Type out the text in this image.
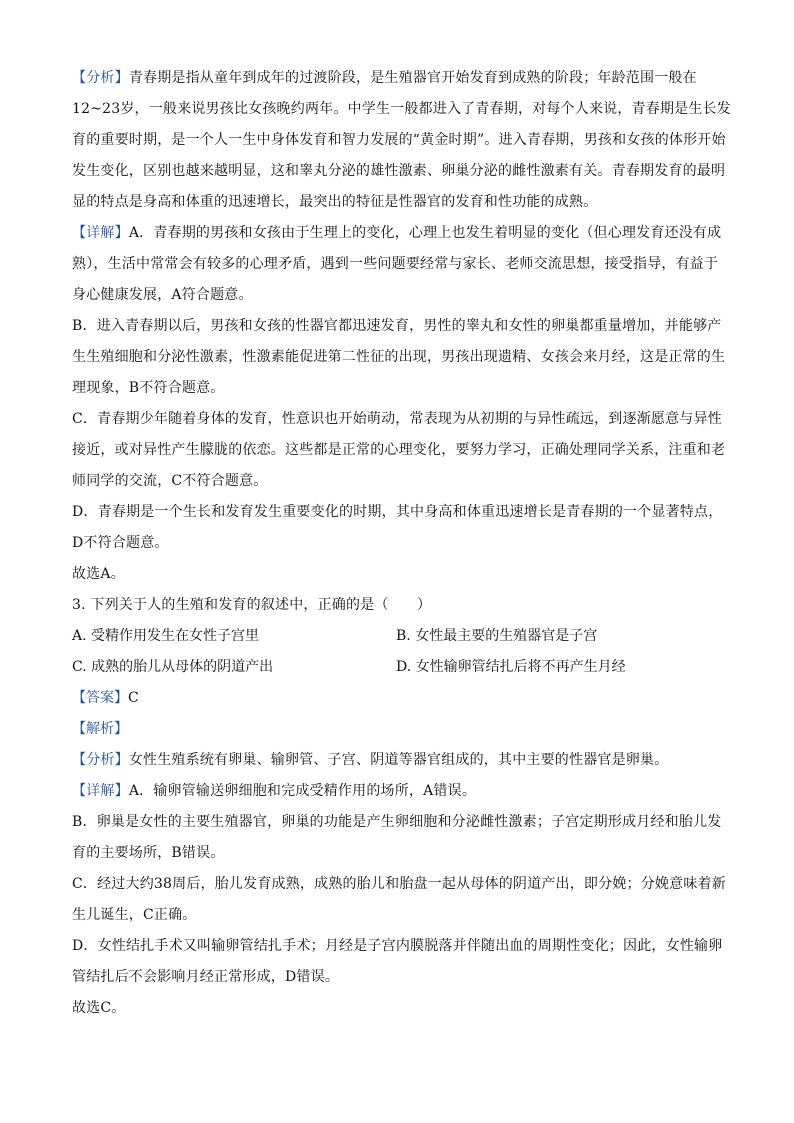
【分析】青春期是指从童年到成年的过渡阶段，是生殖器官开始发育到成熟的阶段；年龄范围一般在
12~23岁，一般来说男孩比女孩晚约两年。中学生一般都进入了青春期，对每个人来说，青春期是生长发
育的重要时期，是一个人一生中身体发育和智力发展的“黄金时期”。进入青春期，男孩和女孩的体形开始
发生变化，区别也越来越明显，这和睾丸分泌的雄性激素、卵巢分泌的雌性激素有关。青春期发育的最明
显的特点是身高和体重的迅速增长，最突出的特征是性器官的发育和性功能的成熟。
【详解】A．青春期的男孩和女孩由于生理上的变化，心理上也发生着明显的变化（但心理发育还没有成
熟），生活中常常会有较多的心理矛盾，遇到一些问题要经常与家长、老师交流思想，接受指导，有益于
身心健康发展，A符合题意。
B．进入青春期以后，男孩和女孩的性器官都迅速发育，男性的睾丸和女性的卵巢都重量增加，并能够产
生生殖细胞和分泌性激素，性激素能促进第二性征的出现，男孩出现遗精、女孩会来月经，这是正常的生
理现象，B不符合题意。
C．青春期少年随着身体的发育，性意识也开始萌动，常表现为从初期的与异性疏远，到逐渐愿意与异性
接近，或对异性产生朦胧的依恋。这些都是正常的心理变化，要努力学习，正确处理同学关系，注重和老
师同学的交流，C不符合题意。
D．青春期是一个生长和发育发生重要变化的时期，其中身高和体重迅速增长是青春期的一个显著特点，
D不符合题意。
故选A。
3. 下列关于人的生殖和发育的叙述中，正确的是（　　）
A. 受精作用发生在女性子宫里	B. 女性最主要的生殖器官是子宫
C. 成熟的胎儿从母体的阴道产出	D. 女性输卵管结扎后将不再产生月经
【答案】C
【解析】
【分析】女性生殖系统有卵巢、输卵管、子宫、阴道等器官组成的，其中主要的性器官是卵巢。
【详解】A．输卵管输送卵细胞和完成受精作用的场所，A错误。
B．卵巢是女性的主要生殖器官，卵巢的功能是产生卵细胞和分泌雌性激素；子宫定期形成月经和胎儿发
育的主要场所，B错误。
C．经过大约38周后，胎儿发育成熟，成熟的胎儿和胎盘一起从母体的阴道产出，即分娩；分娩意味着新
生儿诞生，C正确。
D．女性结扎手术又叫输卵管结扎手术；月经是子宫内膜脱落并伴随出血的周期性变化；因此，女性输卵
管结扎后不会影响月经正常形成，D错误。
故选C。
